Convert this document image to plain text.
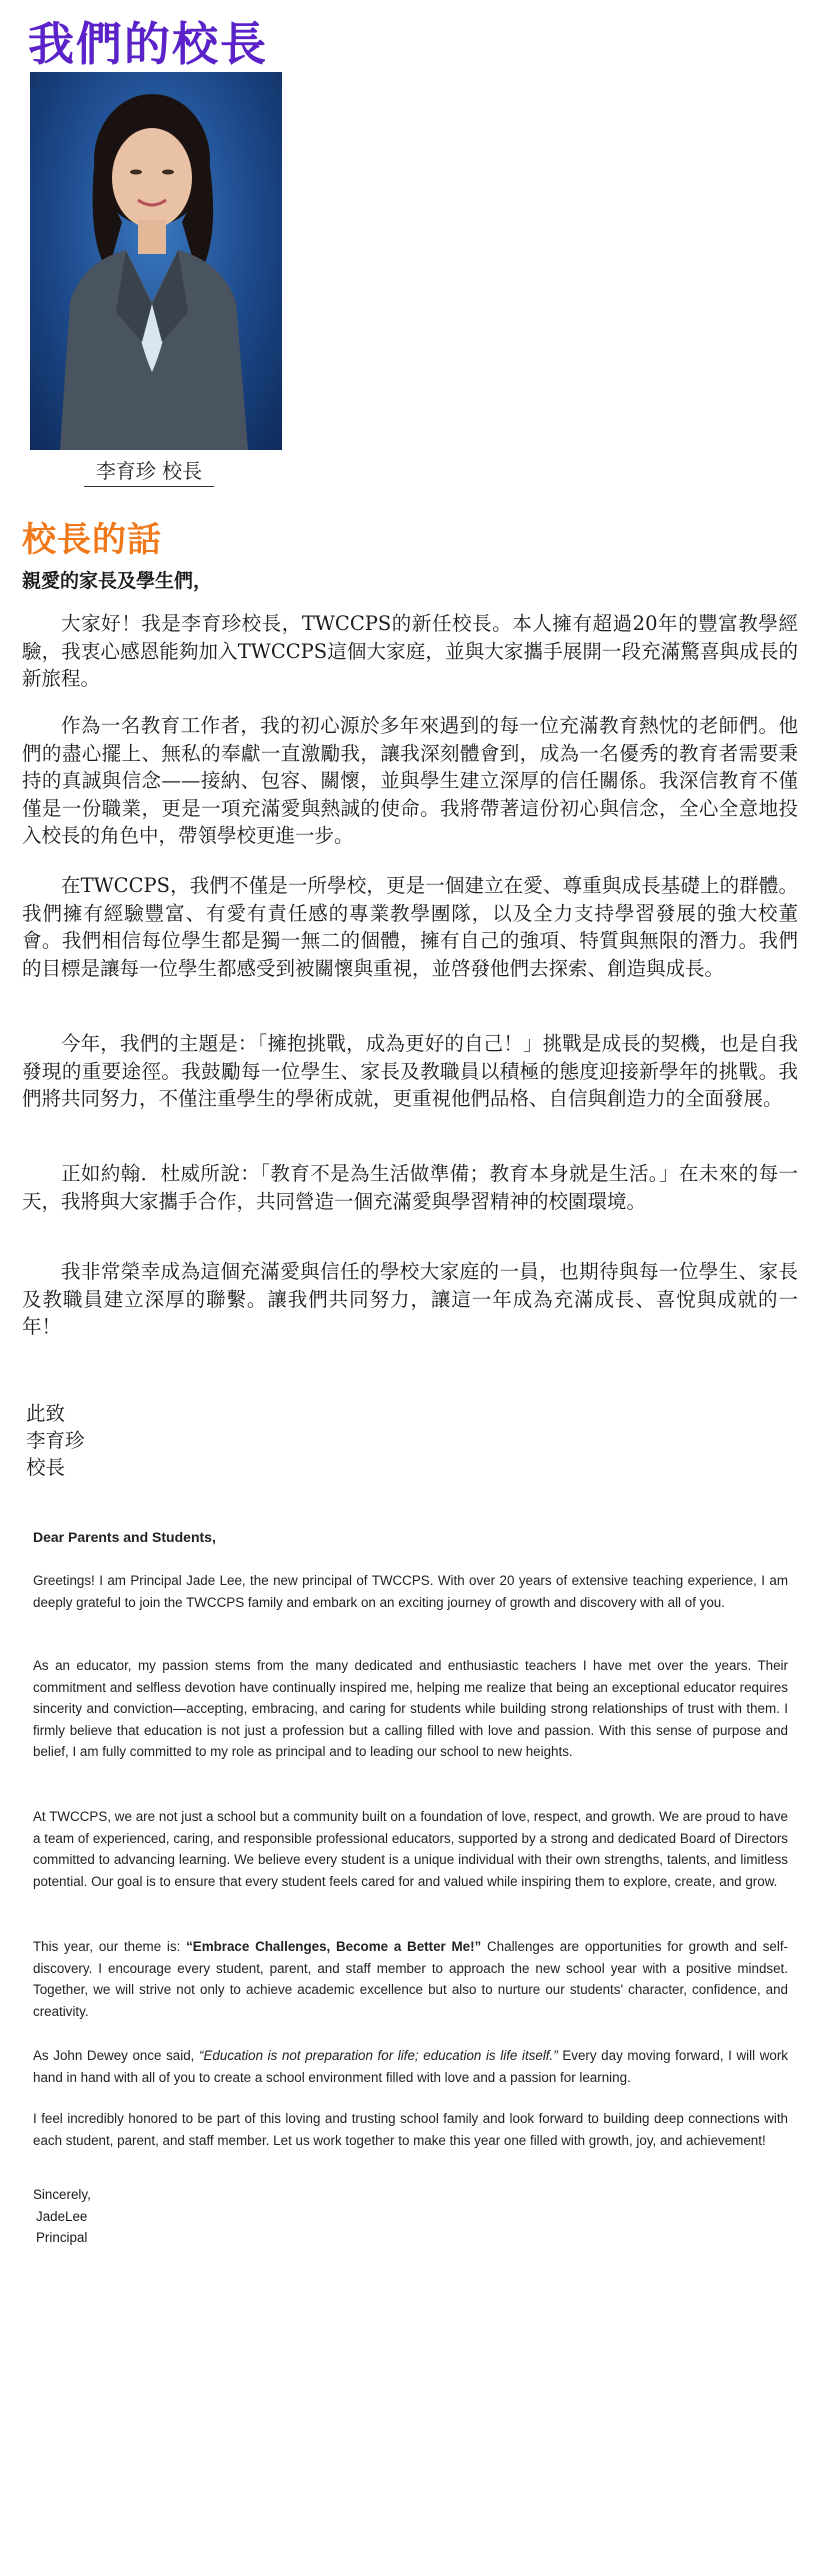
我們的校長
李育珍 校長
校長的話
親愛的家長及學生們，

大家好！我是李育珍校長，TWCCPS的新任校長。本人擁有超過20年的豐富教學經驗，我衷心感恩能夠加入TWCCPS這個大家庭，並與大家攜手展開一段充滿驚喜與成長的新旅程。

作為一名教育工作者，我的初心源於多年來遇到的每一位充滿教育熱忱的老師們。他們的盡心擺上、無私的奉獻一直激勵我，讓我深刻體會到，成為一名優秀的教育者需要秉持的真誠與信念——接納、包容、關懷，並與學生建立深厚的信任關係。我深信教育不僅僅是一份職業，更是一項充滿愛與熱誠的使命。我將帶著這份初心與信念，全心全意地投入校長的角色中，帶領學校更進一步。

在TWCCPS，我們不僅是一所學校，更是一個建立在愛、尊重與成長基礎上的群體。我們擁有經驗豐富、有愛有責任感的專業教學團隊，以及全力支持學習發展的強大校董會。我們相信每位學生都是獨一無二的個體，擁有自己的強項、特質與無限的潛力。我們的目標是讓每一位學生都感受到被關懷與重視，並啓發他們去探索、創造與成長。

今年，我們的主題是：「擁抱挑戰，成為更好的自己！」挑戰是成長的契機，也是自我發現的重要途徑。我鼓勵每一位學生、家長及教職員以積極的態度迎接新學年的挑戰。我們將共同努力，不僅注重學生的學術成就，更重視他們品格、自信與創造力的全面發展。

正如約翰．杜威所說：「教育不是為生活做準備；教育本身就是生活。」在未來的每一天，我將與大家攜手合作，共同營造一個充滿愛與學習精神的校園環境。

我非常榮幸成為這個充滿愛與信任的學校大家庭的一員，也期待與每一位學生、家長及教職員建立深厚的聯繫。讓我們共同努力，讓這一年成為充滿成長、喜悅與成就的一年！

此致
李育珍
校長
Dear Parents and Students,

Greetings! I am Principal Jade Lee, the new principal of TWCCPS. With over 20 years of extensive teaching experience, I am deeply grateful to join the TWCCPS family and embark on an exciting journey of growth and discovery with all of you.

As an educator, my passion stems from the many dedicated and enthusiastic teachers I have met over the years. Their commitment and selfless devotion have continually inspired me, helping me realize that being an exceptional educator requires sincerity and conviction—accepting, embracing, and caring for students while building strong relationships of trust with them. I firmly believe that education is not just a profession but a calling filled with love and passion. With this sense of purpose and belief, I am fully committed to my role as principal and to leading our school to new heights.

At TWCCPS, we are not just a school but a community built on a foundation of love, respect, and growth. We are proud to have a team of experienced, caring, and responsible professional educators, supported by a strong and dedicated Board of Directors committed to advancing learning. We believe every student is a unique individual with their own strengths, talents, and limitless potential. Our goal is to ensure that every student feels cared for and valued while inspiring them to explore, create, and grow.

This year, our theme is: “Embrace Challenges, Become a Better Me!” Challenges are opportunities for growth and self-discovery. I encourage every student, parent, and staff member to approach the new school year with a positive mindset. Together, we will strive not only to achieve academic excellence but also to nurture our students' character, confidence, and creativity.

As John Dewey once said, “Education is not preparation for life; education is life itself.” Every day moving forward, I will work hand in hand with all of you to create a school environment filled with love and a passion for learning.

I feel incredibly honored to be part of this loving and trusting school family and look forward to building deep connections with each student, parent, and staff member. Let us work together to make this year one filled with growth, joy, and achievement!

Sincerely,
JadeLee
Principal
